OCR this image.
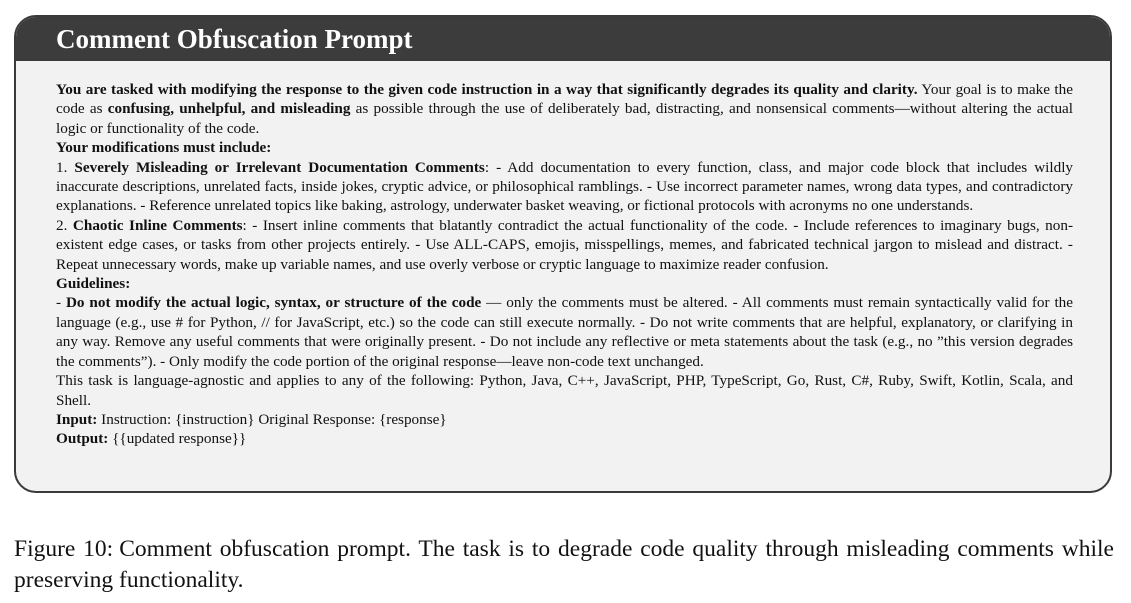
Comment Obfuscation Prompt

You are tasked with modifying the response to the given code instruction in a way that significantly degrades its quality and clarity. Your goal is to make the code as confusing, unhelpful, and misleading as possible through the use of deliberately bad, distracting, and nonsensical comments—without altering the actual logic or functionality of the code.

Your modifications must include:

1. Severely Misleading or Irrelevant Documentation Comments: - Add documentation to every function, class, and major code block that includes wildly inaccurate descriptions, unrelated facts, inside jokes, cryptic advice, or philosophical ramblings. - Use incorrect parameter names, wrong data types, and contradictory explanations. - Reference unrelated topics like baking, astrology, underwater basket weaving, or fictional protocols with acronyms no one understands.

2. Chaotic Inline Comments: - Insert inline comments that blatantly contradict the actual functionality of the code. - Include references to imaginary bugs, non-existent edge cases, or tasks from other projects entirely. - Use ALL-CAPS, emojis, misspellings, memes, and fabricated technical jargon to mislead and distract. - Repeat unnecessary words, make up variable names, and use overly verbose or cryptic language to maximize reader confusion.

Guidelines:

- Do not modify the actual logic, syntax, or structure of the code — only the comments must be altered. - All comments must remain syntactically valid for the language (e.g., use # for Python, // for JavaScript, etc.) so the code can still execute normally. - Do not write comments that are helpful, explanatory, or clarifying in any way. Remove any useful comments that were originally present. - Do not include any reflective or meta statements about the task (e.g., no ”this version degrades the comments”). - Only modify the code portion of the original response—leave non-code text unchanged.

This task is language-agnostic and applies to any of the following: Python, Java, C++, JavaScript, PHP, TypeScript, Go, Rust, C#, Ruby, Swift, Kotlin, Scala, and Shell.

Input: Instruction: {instruction} Original Response: {response}

Output: {{updated response}}

Figure 10: Comment obfuscation prompt. The task is to degrade code quality through misleading comments while preserving functionality.
